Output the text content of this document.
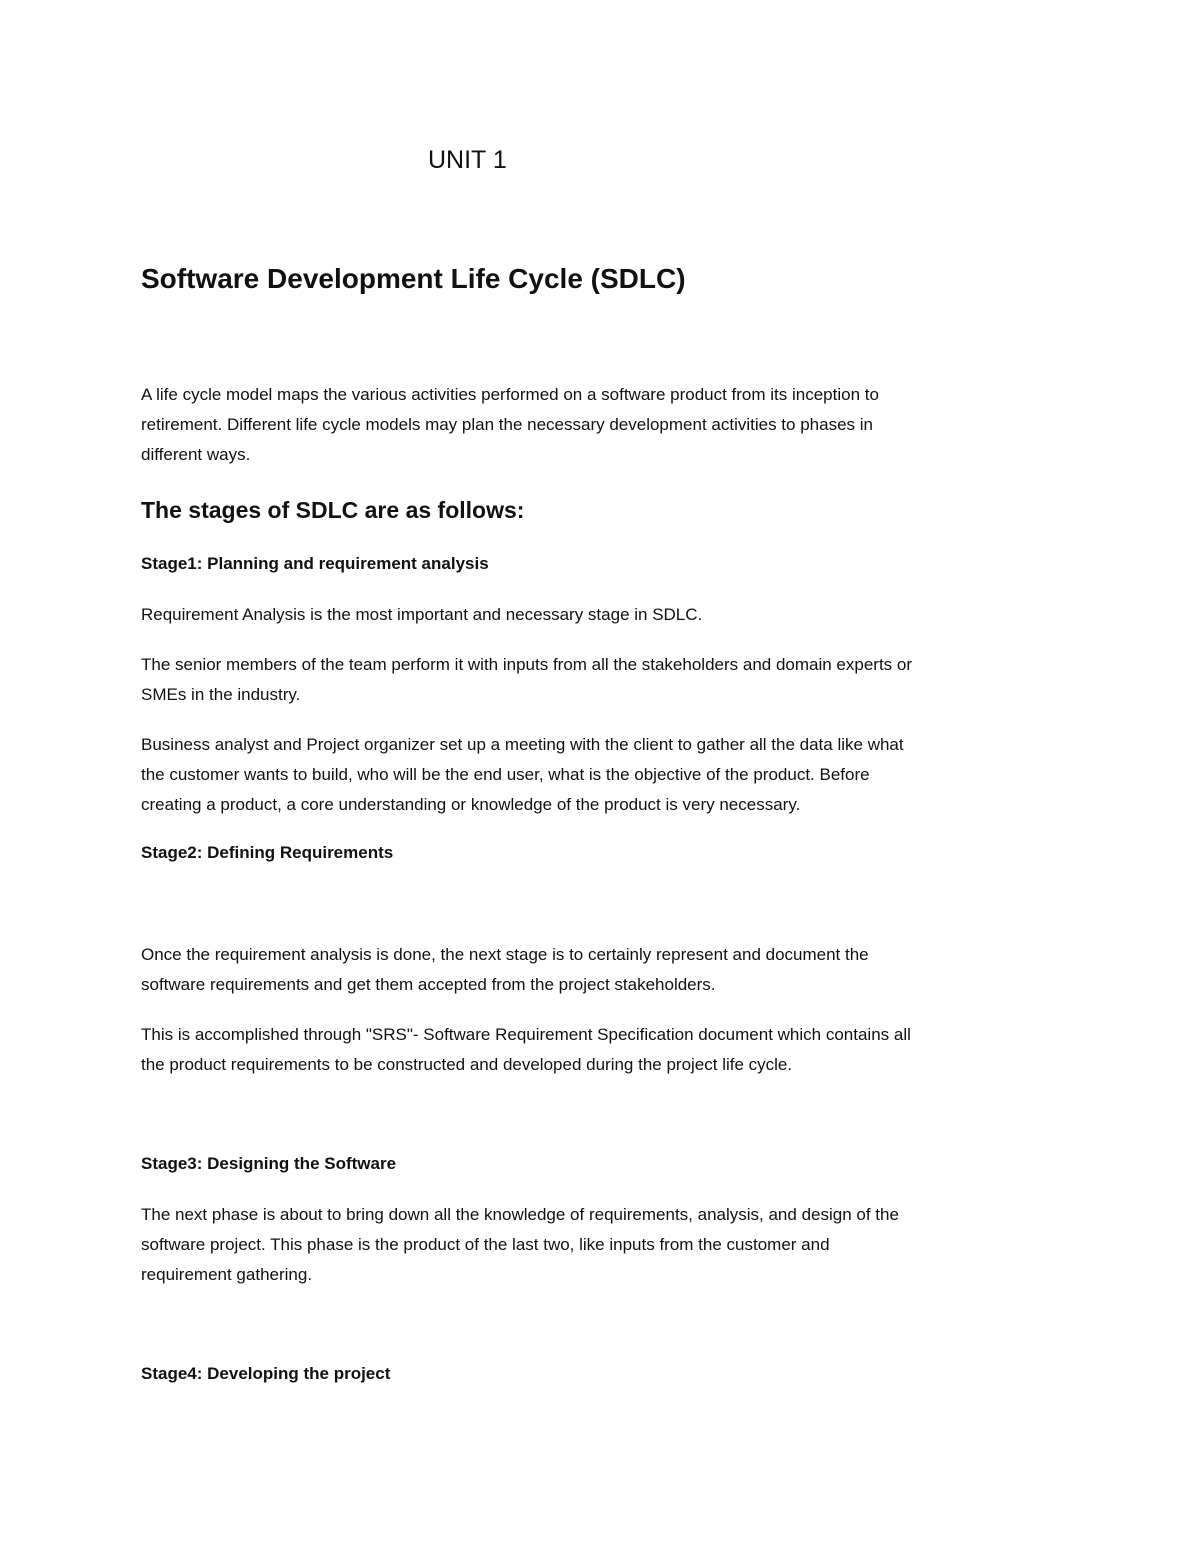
UNIT 1
Software Development Life Cycle (SDLC)
A life cycle model maps the various activities performed on a software product from its inception to
retirement. Different life cycle models may plan the necessary development activities to phases in
different ways.
The stages of SDLC are as follows:
Stage1: Planning and requirement analysis
Requirement Analysis is the most important and necessary stage in SDLC.
The senior members of the team perform it with inputs from all the stakeholders and domain experts or
SMEs in the industry.
Business analyst and Project organizer set up a meeting with the client to gather all the data like what
the customer wants to build, who will be the end user, what is the objective of the product. Before
creating a product, a core understanding or knowledge of the product is very necessary.
Stage2: Defining Requirements
Once the requirement analysis is done, the next stage is to certainly represent and document the
software requirements and get them accepted from the project stakeholders.
This is accomplished through "SRS"- Software Requirement Specification document which contains all
the product requirements to be constructed and developed during the project life cycle.
Stage3: Designing the Software
The next phase is about to bring down all the knowledge of requirements, analysis, and design of the
software project. This phase is the product of the last two, like inputs from the customer and
requirement gathering.
Stage4: Developing the project
